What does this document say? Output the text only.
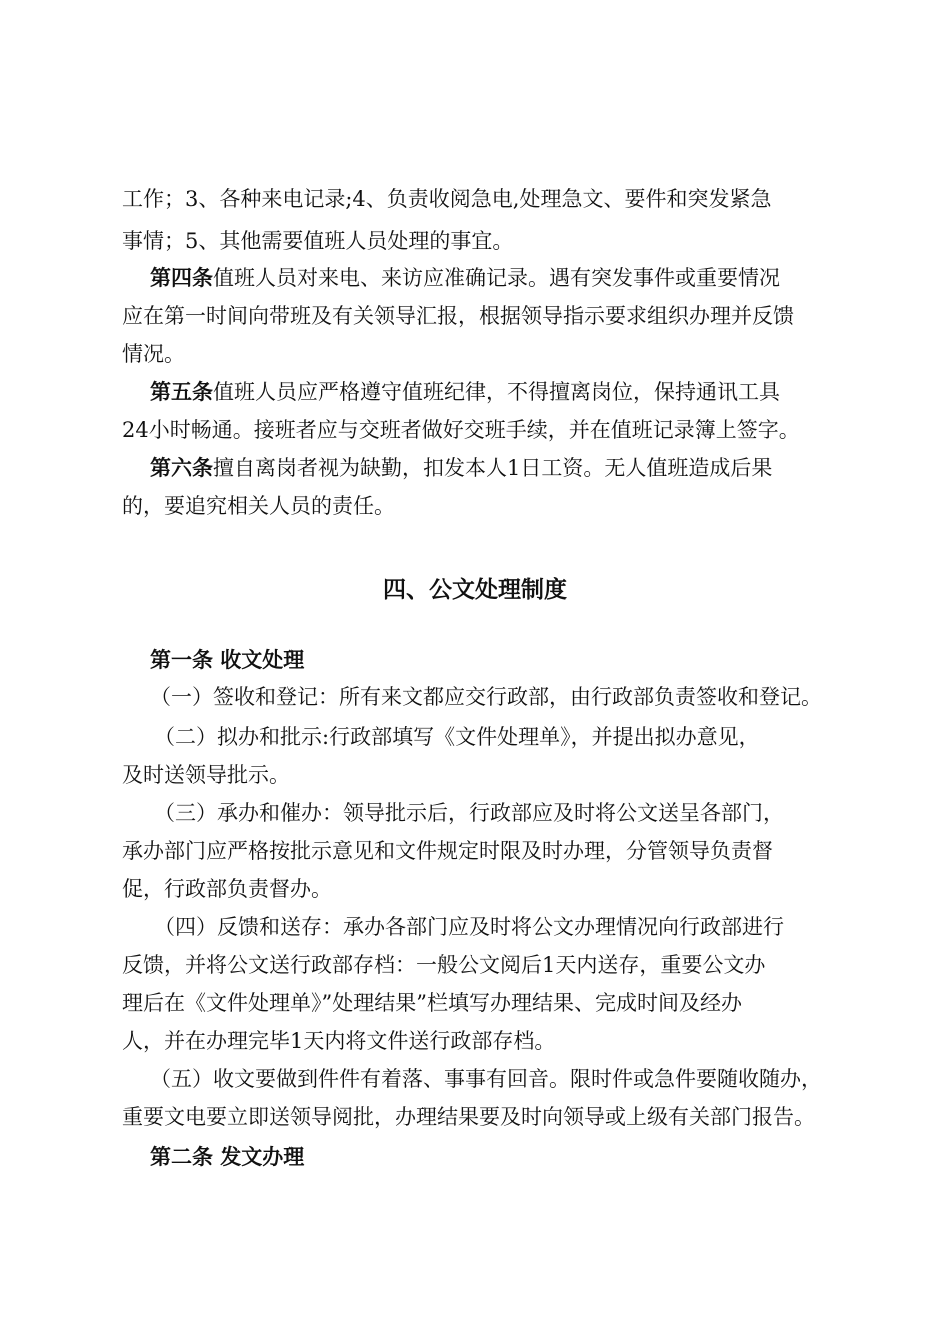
工作；3、各种来电记录;4、负责收阅急电,处理急文、要件和突发紧急
事情；5、其他需要值班人员处理的事宜。
第四条值班人员对来电、来访应准确记录。遇有突发事件或重要情况
应在第一时间向带班及有关领导汇报，根据领导指示要求组织办理并反馈
情况。
第五条值班人员应严格遵守值班纪律，不得擅离岗位，保持通讯工具
24小时畅通。接班者应与交班者做好交班手续，并在值班记录簿上签字。
第六条擅自离岗者视为缺勤，扣发本人1日工资。无人值班造成后果
的，要追究相关人员的责任。
四、公文处理制度
第一条 收文处理
（一）签收和登记：所有来文都应交行政部，由行政部负责签收和登记。
（二）拟办和批示:行政部填写《文件处理单》，并提出拟办意见，
及时送领导批示。
（三）承办和催办：领导批示后，行政部应及时将公文送呈各部门，
承办部门应严格按批示意见和文件规定时限及时办理，分管领导负责督
促，行政部负责督办。
（四）反馈和送存：承办各部门应及时将公文办理情况向行政部进行
反馈，并将公文送行政部存档：一般公文阅后1天内送存，重要公文办
理后在《文件处理单》”处理结果”栏填写办理结果、完成时间及经办
人，并在办理完毕1天内将文件送行政部存档。
（五）收文要做到件件有着落、事事有回音。限时件或急件要随收随办，
重要文电要立即送领导阅批，办理结果要及时向领导或上级有关部门报告。
第二条 发文办理
